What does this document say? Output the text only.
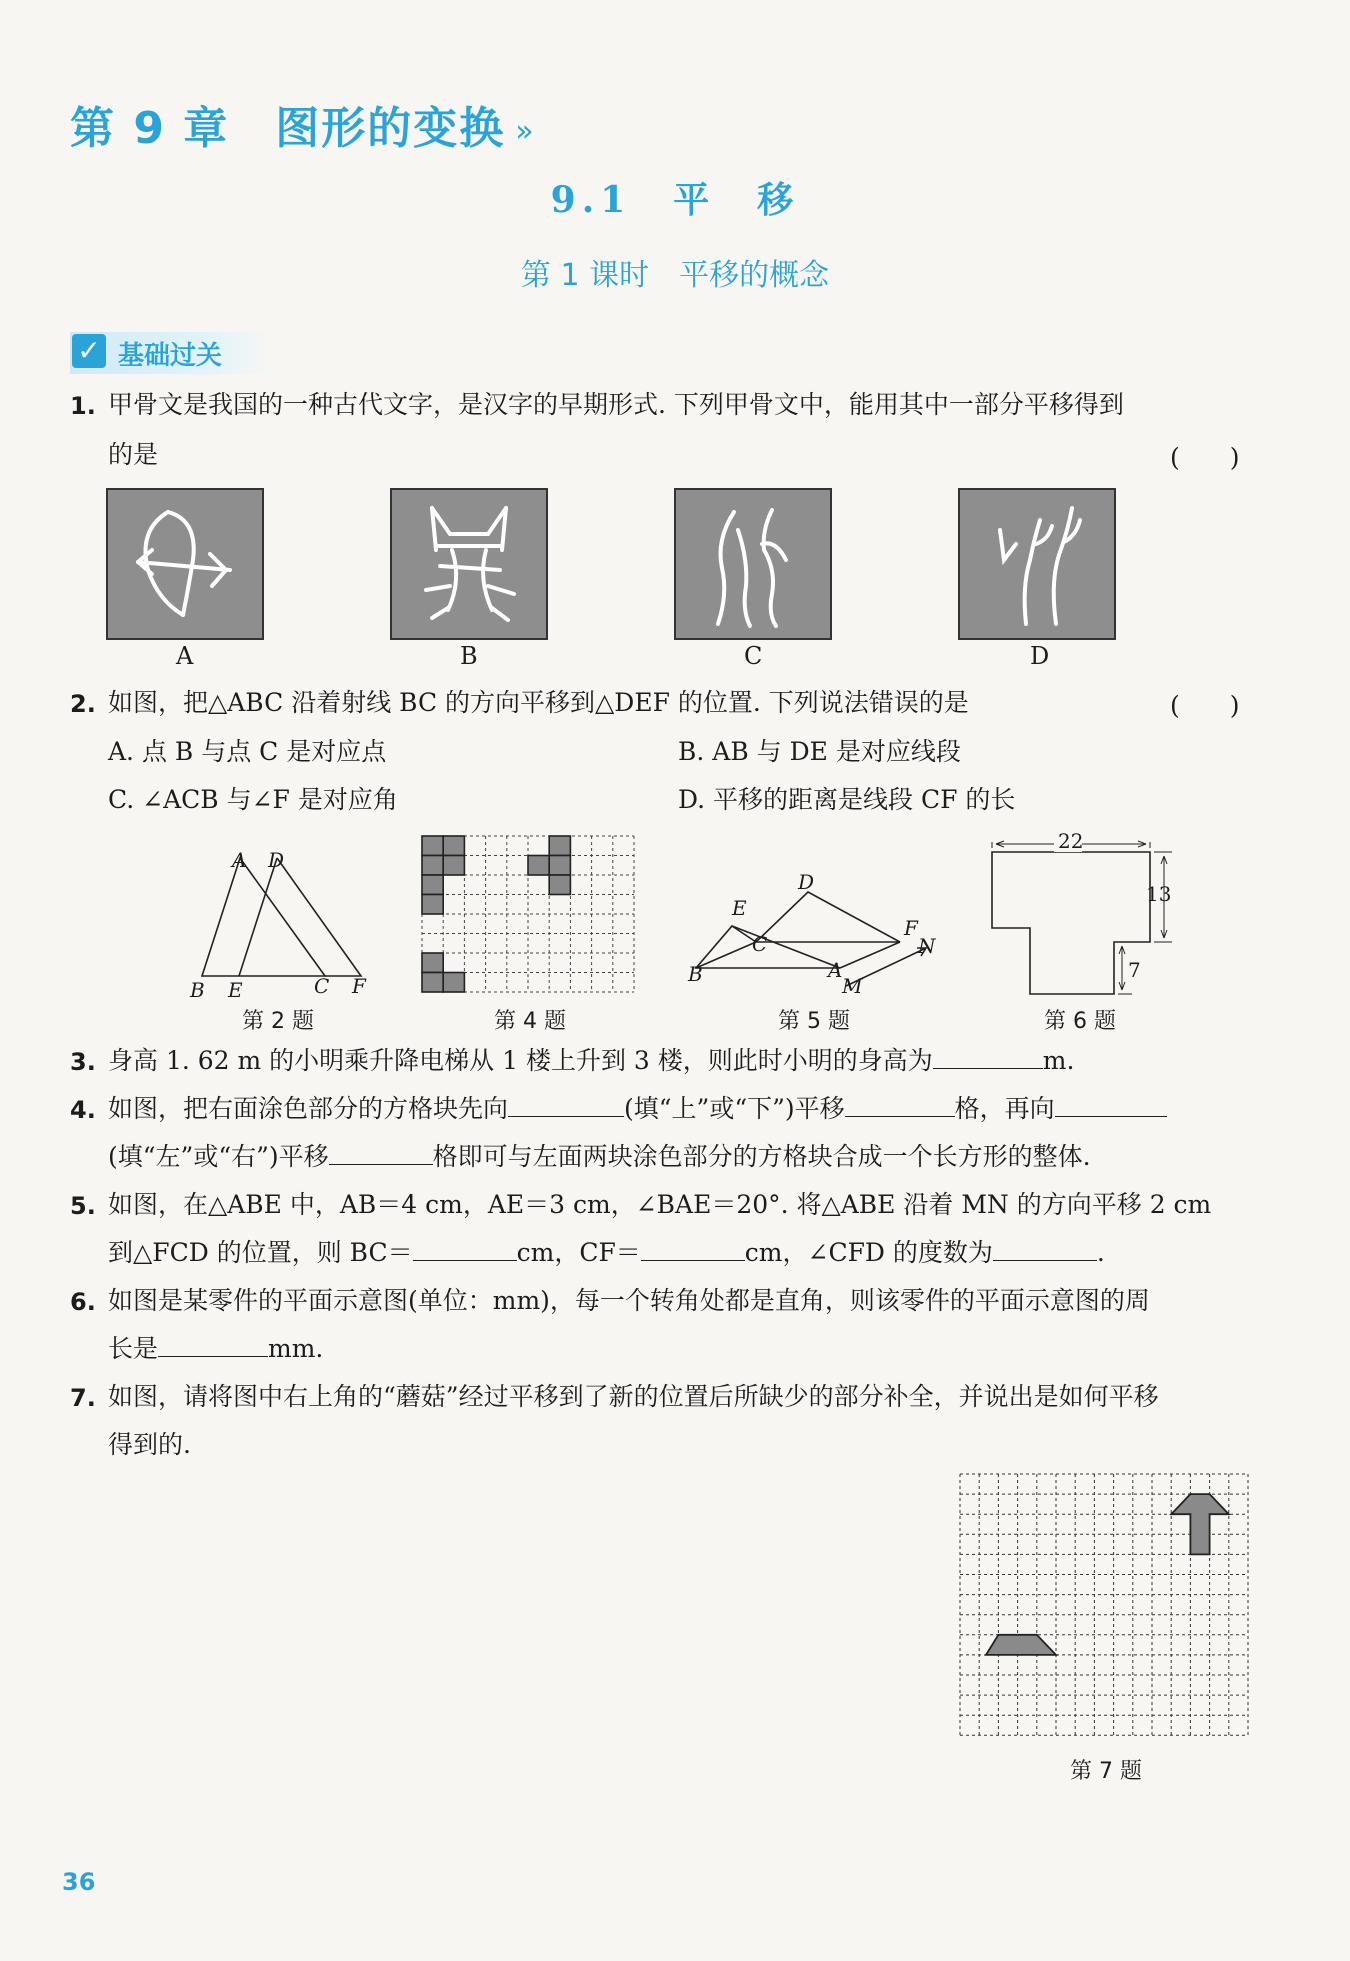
第 9 章　图形的变换 »
9.1　平　移
第 1 课时　平移的概念
✓ 基础过关
1. 甲骨文是我国的一种古代文字，是汉字的早期形式. 下列甲骨文中，能用其中一部分平移得到
的是	(　　)
A	B	C	D
2. 如图，把△ABC 沿着射线 BC 的方向平移到△DEF 的位置. 下列说法错误的是	(　　)
A. 点 B 与点 C 是对应点	B. AB 与 DE 是对应线段
C. ∠ACB 与∠F 是对应角	D. 平移的距离是线段 CF 的长
A D
B E	C F
第 2 题	第 4 题
D
E
C
F
N
B	A
M
第 5 题
22
13
7
第 6 题
3. 身高 1. 62 m 的小明乘升降电梯从 1 楼上升到 3 楼，则此时小明的身高为	m.
4. 如图，把右面涂色部分的方格块先向	(填“上”或“下”)平移	格，再向
(填“左”或“右”)平移	格即可与左面两块涂色部分的方格块合成一个长方形的整体.
5. 如图，在△ABE 中，AB＝4 cm，AE＝3 cm，∠BAE＝20°. 将△ABE 沿着 MN 的方向平移 2 cm
到△FCD 的位置，则 BC＝	cm，CF＝	cm，∠CFD 的度数为	.
6. 如图是某零件的平面示意图(单位：mm)，每一个转角处都是直角，则该零件的平面示意图的周
长是	mm.
7. 如图，请将图中右上角的“蘑菇”经过平移到了新的位置后所缺少的部分补全，并说出是如何平移
得到的.
第 7 题
36
